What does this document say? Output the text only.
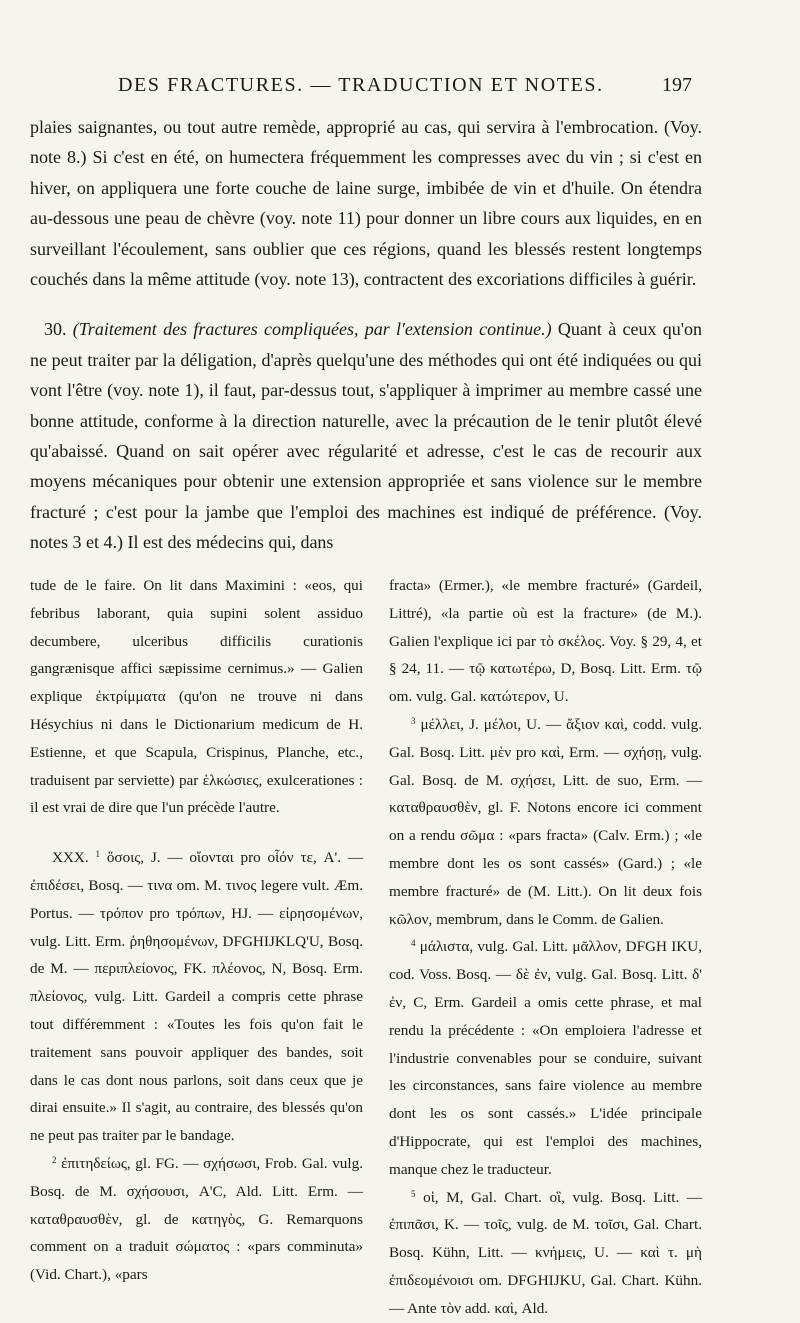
DES FRACTURES. — TRADUCTION ET NOTES.	197

plaies saignantes, ou tout autre remède, approprié au cas, qui servira à l'embrocation. (Voy. note 8.) Si c'est en été, on humectera fréquemment les compresses avec du vin ; si c'est en hiver, on appliquera une forte couche de laine surge, imbibée de vin et d'huile. On étendra au-dessous une peau de chèvre (voy. note 11) pour donner un libre cours aux liquides, en en surveillant l'écoulement, sans oublier que ces régions, quand les blessés restent longtemps couchés dans la même attitude (voy. note 13), contractent des excoriations difficiles à guérir.

30. (Traitement des fractures compliquées, par l'extension continue.) Quant à ceux qu'on ne peut traiter par la déligation, d'après quelqu'une des méthodes qui ont été indiquées ou qui vont l'être (voy. note 1), il faut, par-dessus tout, s'appliquer à imprimer au membre cassé une bonne attitude, conforme à la direction naturelle, avec la précaution de le tenir plutôt élevé qu'abaissé. Quand on sait opérer avec régularité et adresse, c'est le cas de recourir aux moyens mécaniques pour obtenir une extension appropriée et sans violence sur le membre fracturé ; c'est pour la jambe que l'emploi des machines est indiqué de préférence. (Voy. notes 3 et 4.) Il est des médecins qui, dans

tude de le faire. On lit dans Maximini : «eos, qui febribus laborant, quia supini solent assiduo decumbere, ulceribus difficilis curationis gangrænisque affici sæpissime cernimus.» — Galien explique ἐκτρίμματα (qu'on ne trouve ni dans Hésychius ni dans le Dictionarium medicum de H. Estienne, et que Scapula, Crispinus, Planche, etc., traduisent par serviette) par ἑλκώσιες, exulcerationes : il est vrai de dire que l'un précède l'autre.

XXX. $^1$ ὅσοις, J. — οἴονται pro οἷόν τε, A'. — ἐπιδέσει, Bosq. — τινα om. M. τινος legere vult. Æm. Portus. — τρόπον pro τρόπων, HJ. — εἰρησομένων, vulg. Litt. Erm. ῥηθησομένων, DFGHIJKLQ'U, Bosq. de M. — περιπλείονος, FK. πλέονος, N, Bosq. Erm. πλείονος, vulg. Litt. Gardeil a compris cette phrase tout différemment : «Toutes les fois qu'on fait le traitement sans pouvoir appliquer des bandes, soit dans le cas dont nous parlons, soit dans ceux que je dirai ensuite.» Il s'agit, au contraire, des blessés qu'on ne peut pas traiter par le bandage.

$^2$ ἐπιτηδείως, gl. FG. — σχήσωσι, Frob. Gal. vulg. Bosq. de M. σχήσουσι, A'C, Ald. Litt. Erm. — καταθραυσθὲν, gl. de κατηγὸς, G. Remarquons comment on a traduit σώματος : «pars comminuta» (Vid. Chart.), «pars

fracta» (Ermer.), «le membre fracturé» (Gardeil, Littré), «la partie où est la fracture» (de M.). Galien l'explique ici par τὸ σκέλος. Voy. § 29, 4, et § 24, 11. — τῷ κατωτέρω, D, Bosq. Litt. Erm. τῷ om. vulg. Gal. κατώτερον, U.

$^3$ μέλλει, J. μέλοι, U. — ἄξιον καὶ, codd. vulg. Gal. Bosq. Litt. μὲν pro καὶ, Erm. — σχήσῃ, vulg. Gal. Bosq. de M. σχήσει, Litt. de suo, Erm. — καταθραυσθὲν, gl. F. Notons encore ici comment on a rendu σῶμα : «pars fracta» (Calv. Erm.) ; «le membre dont les os sont cassés» (Gard.) ; «le membre fracturé» de (M. Litt.). On lit deux fois κῶλον, membrum, dans le Comm. de Galien.

$^4$ μάλιστα, vulg. Gal. Litt. μᾶλλον, DFGH IKU, cod. Voss. Bosq. — δὲ ἐν, vulg. Gal. Bosq. Litt. δ' ἐν, C, Erm. Gardeil a omis cette phrase, et mal rendu la précédente : «On emploiera l'adresse et l'industrie convenables pour se conduire, suivant les circonstances, sans faire violence au membre dont les os sont cassés.» L'idée principale d'Hippocrate, qui est l'emploi des machines, manque chez le traducteur.

$^5$ οἱ, M, Gal. Chart. οἳ, vulg. Bosq. Litt. — ἐπιπᾶσι, K. — τοῖς, vulg. de M. τοῖσι, Gal. Chart. Bosq. Kühn, Litt. — κνήμεις, U. — καὶ τ. μὴ ἐπιδεομένοισι om. DFGHIJKU, Gal. Chart. Kühn. — Ante τὸν add. καὶ, Ald.
